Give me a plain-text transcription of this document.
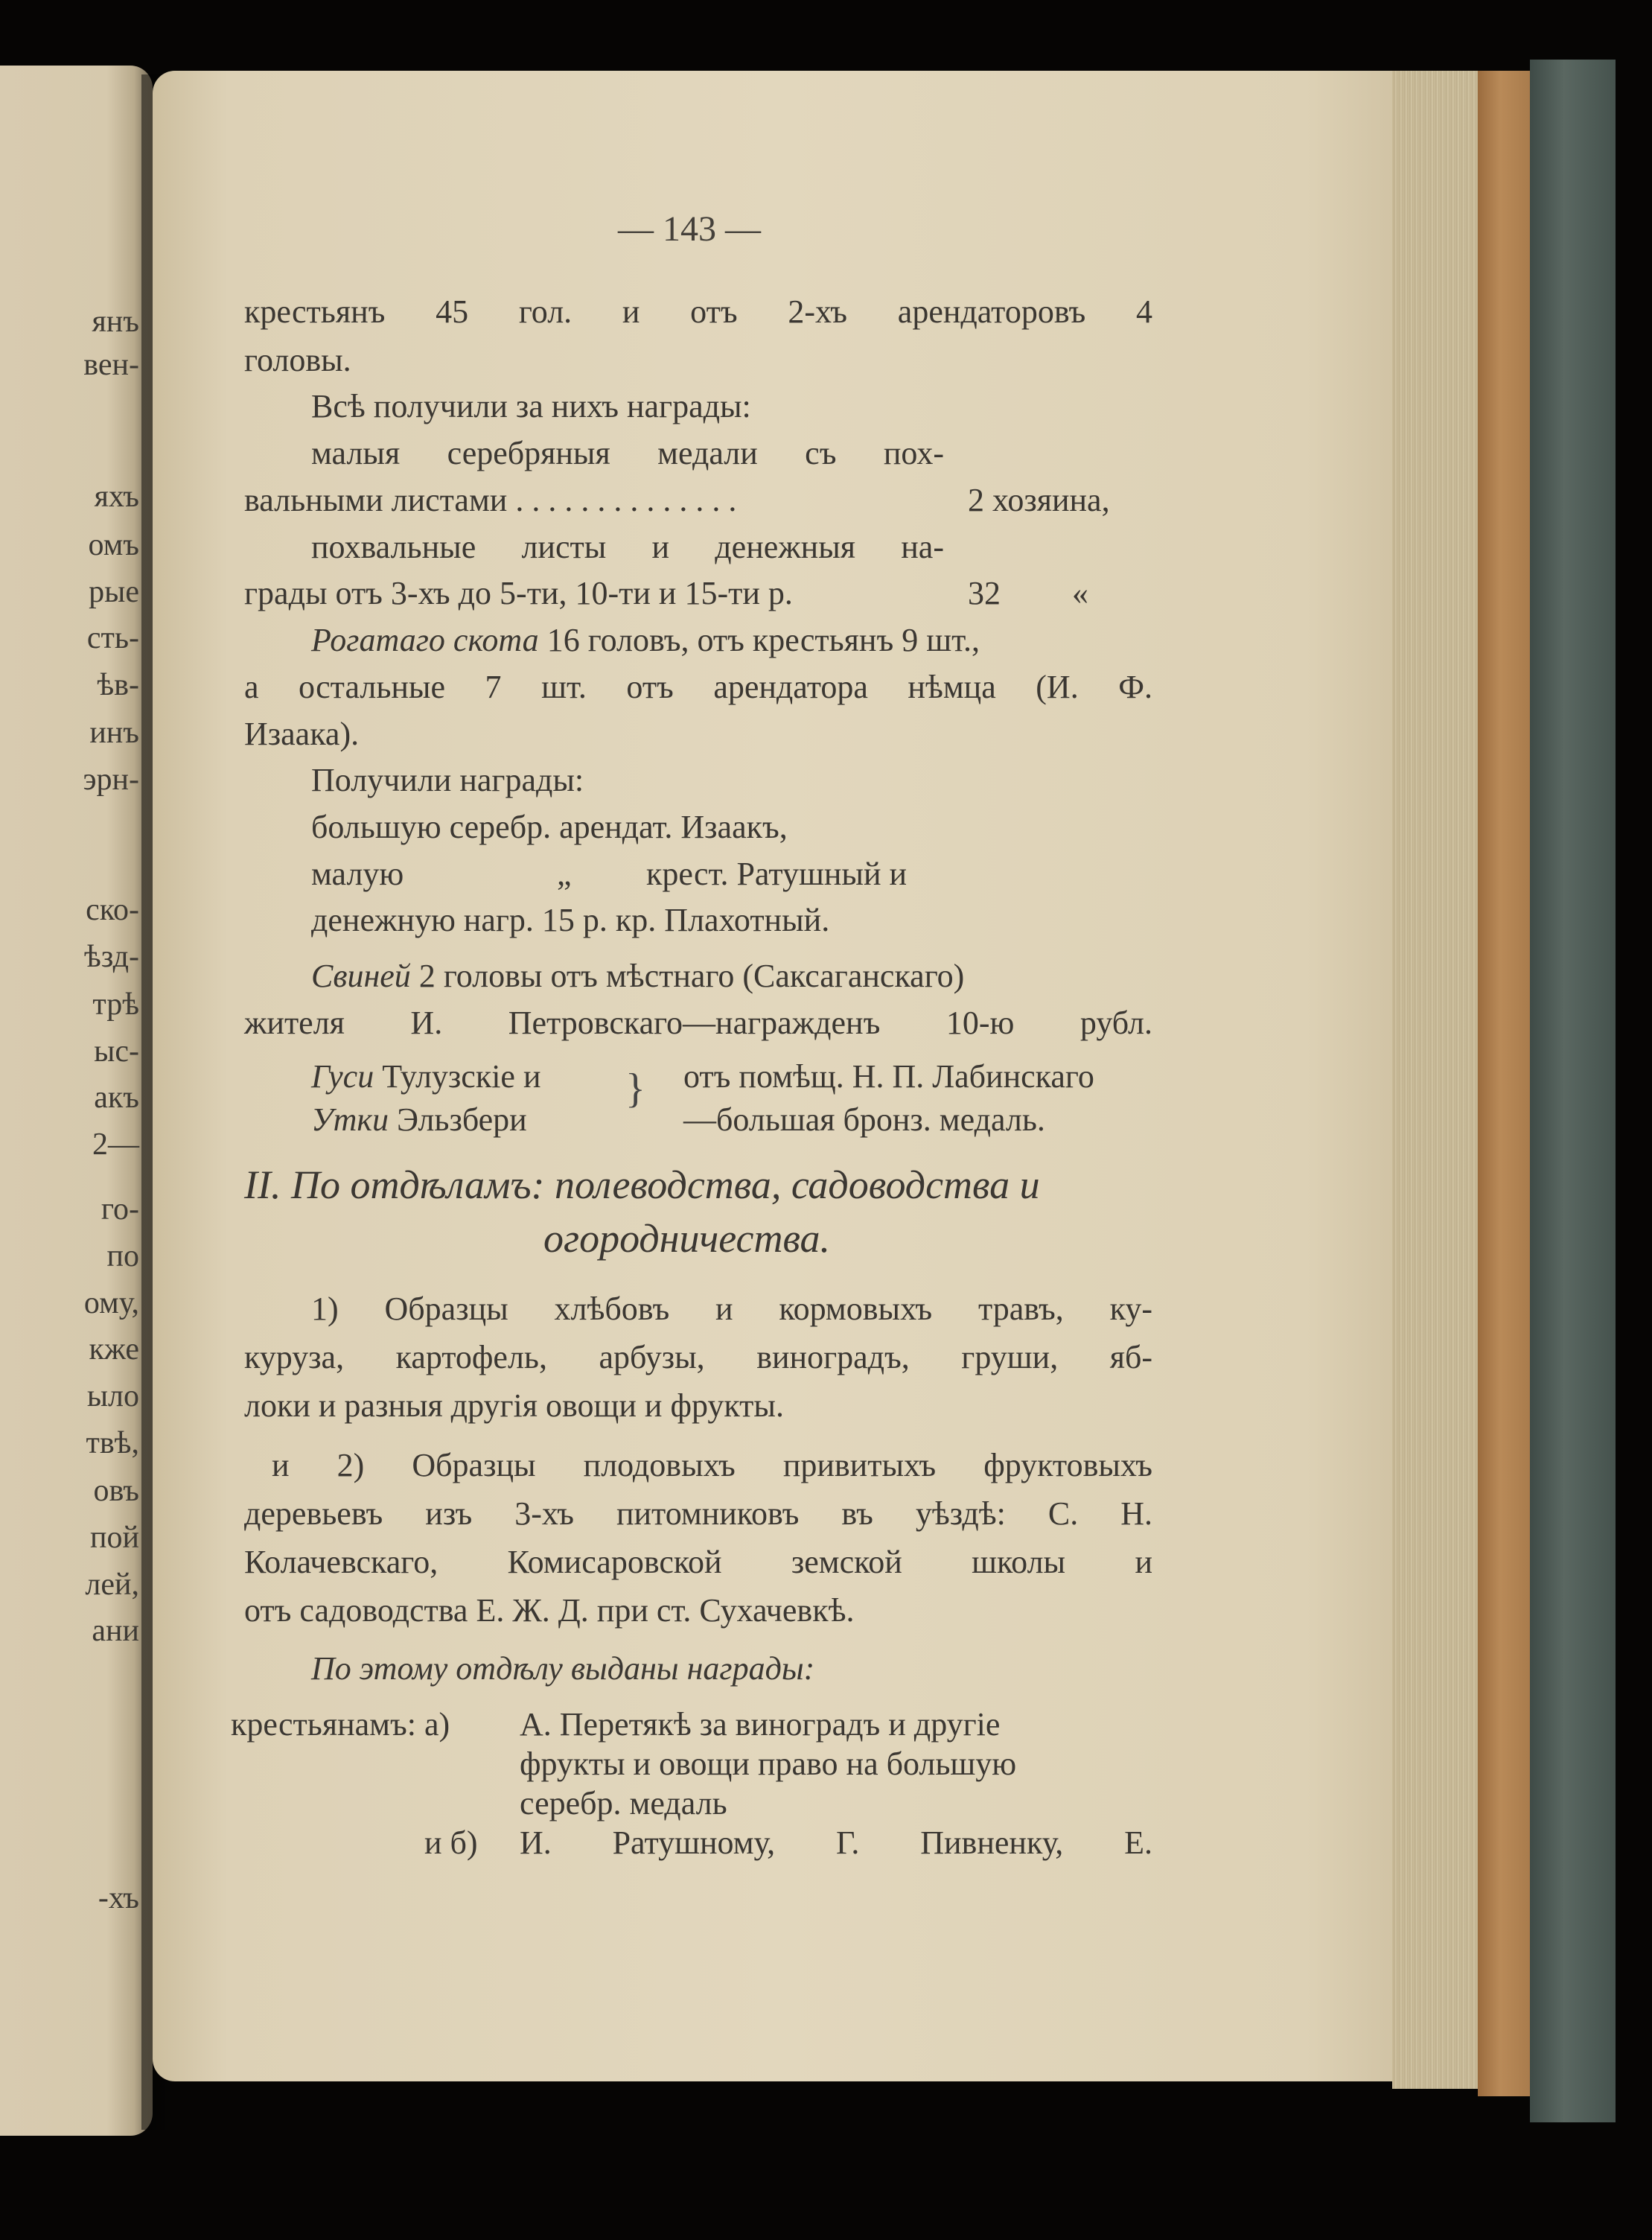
янъ
вен-
яхъ
омъ
рые
сть-
ѣв-
инъ
эрн-
ско-
ѣзд-
трѣ
ыс-
акъ
2—
го-
по
ому,
кже
ыло
твѣ,
овъ
пой
лей,
ани
-хъ
— 143 —
крестьянъ 45 гол. и отъ 2-хъ арендаторовъ 4
головы.
Всѣ получили за нихъ награды:
малыя серебряныя медали съ пох-
вальными листами . . . . . . . . . . . . . .	2 хозяина,
похвальные листы и денежныя на-
грады отъ 3-хъ до 5-ти, 10-ти и 15-ти р.	32 «
Рогатаго скота 16 головъ, отъ крестьянъ 9 шт.,
а остальные 7 шт. отъ арендатора нѣмца (И. Ф.
Изаака).
Получили награды:
большую серебр. арендат. Изаакъ,
малую	„ крест. Ратушный и
денежную нагр. 15 р. кр. Плахотный.
Свиней 2 головы отъ мѣстнаго (Саксаганскаго)
жителя И. Петровскаго—награжденъ 10-ю рубл.
Гуси Тулузскіе и } отъ помѣщ. Н. П. Лабинскаго
Утки Эльзбери	—большая бронз. медаль.
II. По отдѣламъ: полеводства, садоводства и
огородничества.
1) Образцы хлѣбовъ и кормовыхъ травъ, ку-
куруза, картофель, арбузы, виноградъ, груши, яб-
локи и разныя другія овощи и фрукты.
и 2) Образцы плодовыхъ привитыхъ фруктовыхъ
деревьевъ изъ 3-хъ питомниковъ въ уѣздѣ: С. Н.
Колачевскаго, Комисаровской земской школы и
отъ садоводства Е. Ж. Д. при ст. Сухачевкѣ.
По этому отдѣлу выданы награды:
крестьянамъ: а) А. Перетякѣ за виноградъ и другіе
фрукты и овощи право на большую
серебр. медаль
и б) И. Ратушному, Г. Пивненку, Е.
